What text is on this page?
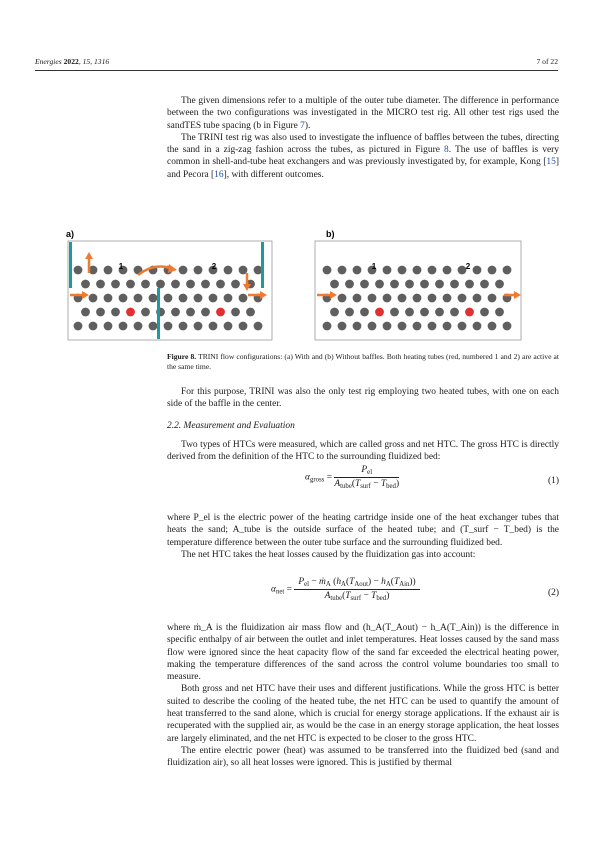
Energies 2022, 15, 1316	7 of 22

The given dimensions refer to a multiple of the outer tube diameter. The difference in performance between the two configurations was investigated in the MICRO test rig. All other test rigs used the sandTES tube spacing (b in Figure 7).

The TRINI test rig was also used to investigate the influence of baffles between the tubes, directing the sand in a zig-zag fashion across the tubes, as pictured in Figure 8. The use of baffles is very common in shell-and-tube heat exchangers and was previously investigated by, for example, Kong [15] and Pecora [16], with different outcomes.

a)	b)
1	2	1	2

Figure 8. TRINI flow configurations: (a) With and (b) Without baffles. Both heating tubes (red, numbered 1 and 2) are active at the same time.

For this purpose, TRINI was also the only test rig employing two heated tubes, with one on each side of the baffle in the center.

2.2. Measurement and Evaluation

Two types of HTCs were measured, which are called gross and net HTC. The gross HTC is directly derived from the definition of the HTC to the surrounding fluidized bed:

$\alpha_{gross} = \frac{P_{el}}{A_{tube}(T_{surf} - T_{bed})}$	(1)

where P_el is the electric power of the heating cartridge inside one of the heat exchanger tubes that heats the sand; A_tube is the outside surface of the heated tube; and (T_surf − T_bed) is the temperature difference between the outer tube surface and the surrounding fluidized bed.

The net HTC takes the heat losses caused by the fluidization gas into account:

$\alpha_{net} = \frac{P_{el} - ṁ_A (h_A(T_{Aout}) - h_A(T_{Ain}))}{A_{tube}(T_{surf} - T_{bed})}$	(2)

where ṁ_A is the fluidization air mass flow and (h_A(T_Aout) − h_A(T_Ain)) is the difference in specific enthalpy of air between the outlet and inlet temperatures. Heat losses caused by the sand mass flow were ignored since the heat capacity flow of the sand far exceeded the electrical heating power, making the temperature differences of the sand across the control volume boundaries too small to measure.

Both gross and net HTC have their uses and different justifications. While the gross HTC is better suited to describe the cooling of the heated tube, the net HTC can be used to quantify the amount of heat transferred to the sand alone, which is crucial for energy storage applications. If the exhaust air is recuperated with the supplied air, as would be the case in an energy storage application, the heat losses are largely eliminated, and the net HTC is expected to be closer to the gross HTC.

The entire electric power (heat) was assumed to be transferred into the fluidized bed (sand and fluidization air), so all heat losses were ignored. This is justified by thermal
